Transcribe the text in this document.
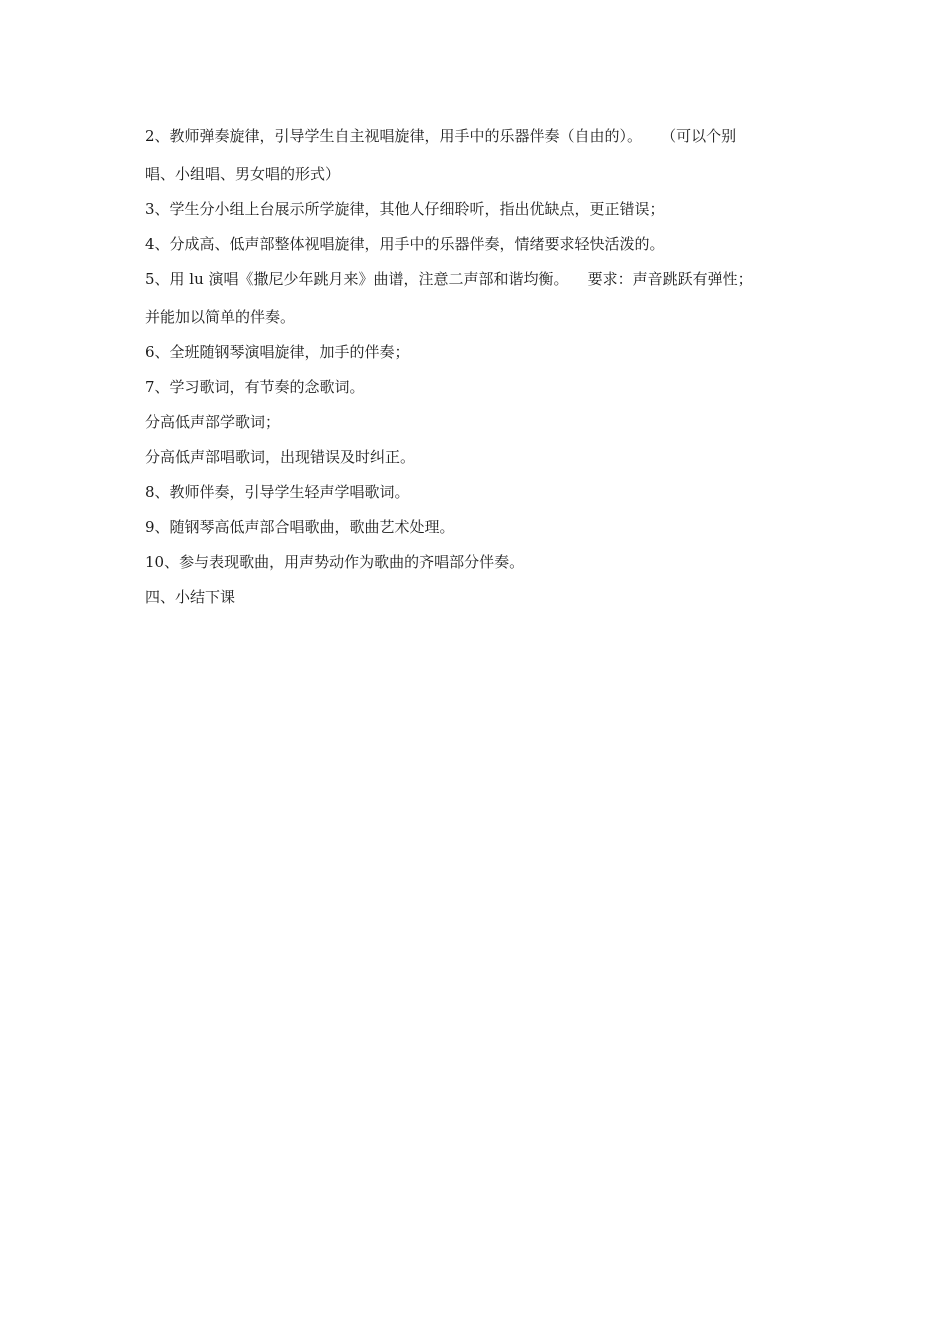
2、教师弹奏旋律，引导学生自主视唱旋律，用手中的乐器伴奏（自由的）。    （可以个别

唱、小组唱、男女唱的形式）

3、学生分小组上台展示所学旋律，其他人仔细聆听，指出优缺点，更正错误；

4、分成高、低声部整体视唱旋律，用手中的乐器伴奏，情绪要求轻快活泼的。

5、用 lu 演唱《撒尼少年跳月来》曲谱，注意二声部和谐均衡。    要求：声音跳跃有弹性；

并能加以简单的伴奏。

6、全班随钢琴演唱旋律，加手的伴奏；

7、学习歌词，有节奏的念歌词。

分高低声部学歌词；

分高低声部唱歌词，出现错误及时纠正。

8、教师伴奏，引导学生轻声学唱歌词。

9、随钢琴高低声部合唱歌曲，歌曲艺术处理。

10、参与表现歌曲，用声势动作为歌曲的齐唱部分伴奏。

四、小结下课
